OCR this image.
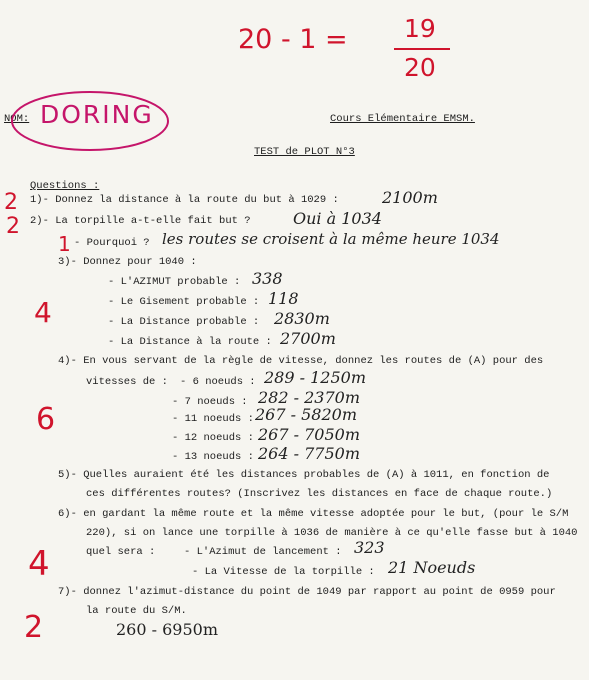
20 - 1 = 19
20
NOM: DORING	Cours Elémentaire EMSM.
TEST de PLOT N°3
Questions :
2 1)- Donnez la distance à la route du but à 1029 :	2100m
2 2)- La torpille a-t-elle fait but ?	Oui à 1034
1 - Pourquoi ? les routes se croisent à la même heure 1034
3)- Donnez pour 1040 :
4
- L'AZIMUT probable : 338
- Le Gisement probable : 118
- La Distance probable : 2830m
- La Distance à la route : 2700m
4)- En vous servant de la règle de vitesse, donnez les routes de (A) pour des
vitesses de :
6
- 6 noeuds : 289 - 1250m
- 7 noeuds : 282 - 2370m
- 11 noeuds : 267 - 5820m
- 12 noeuds : 267 - 7050m
- 13 noeuds : 264 - 7750m
5)- Quelles auraient été les distances probables de (A) à 1011, en fonction de
ces différentes routes? (Inscrivez les distances en face de chaque route.)
6)- en gardant la même route et la même vitesse adoptée pour le but, (pour le S/M
220), si on lance une torpille à 1036 de manière à ce qu'elle fasse but à 1040
quel sera :
4	- L'Azimut de lancement : 323
- La Vitesse de la torpille : 21 Noeuds
7)- donnez l'azimut-distance du point de 1049 par rapport au point de 0959 pour
la route du S/M.
2	260 - 6950m
